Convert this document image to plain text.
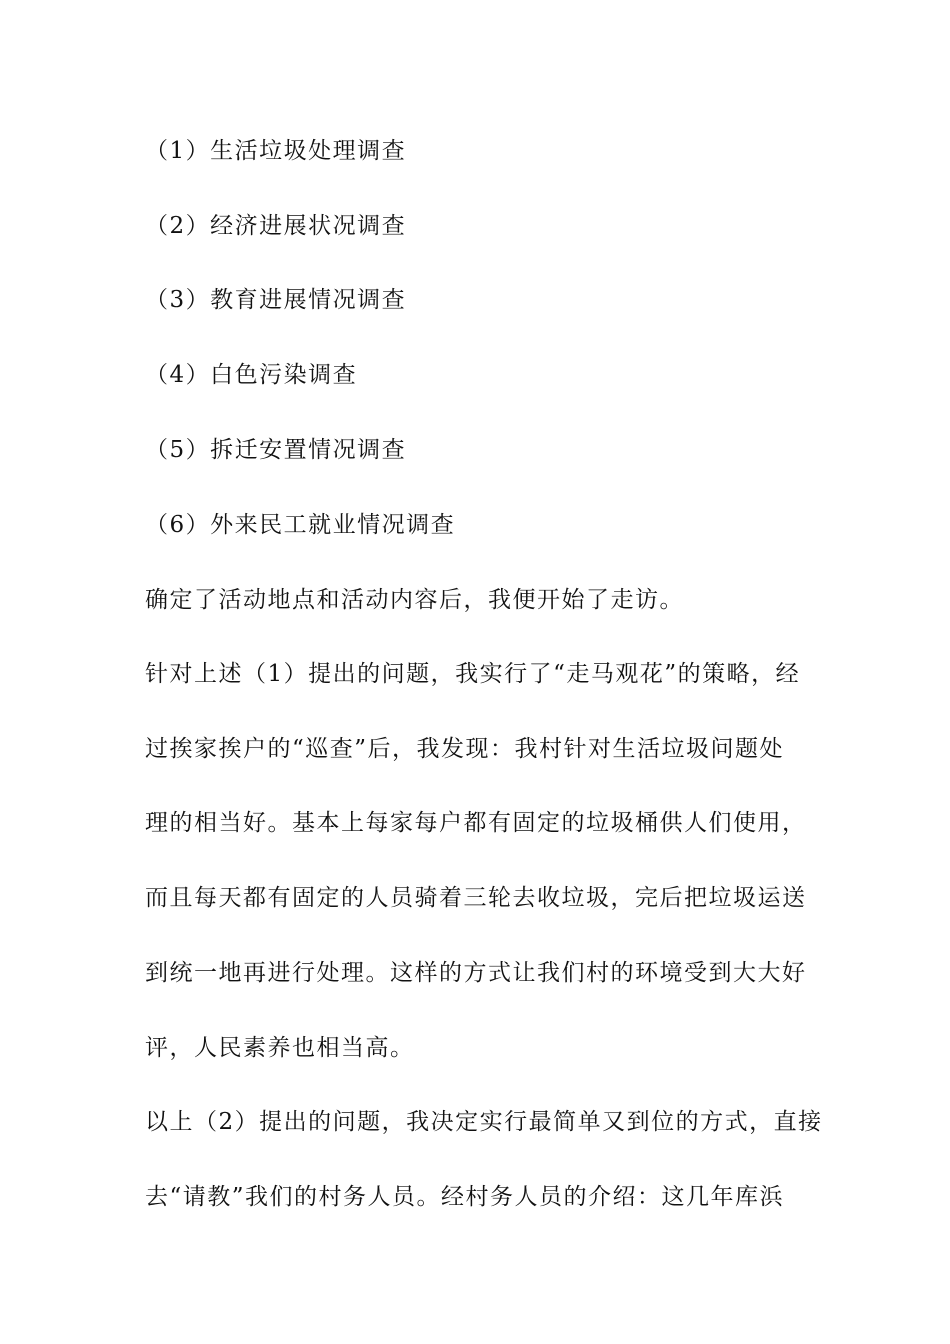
（1）生活垃圾处理调查
（2）经济进展状况调查
（3）教育进展情况调查
（4）白色污染调查
（5）拆迁安置情况调查
（6）外来民工就业情况调查
确定了活动地点和活动内容后，我便开始了走访。
针对上述（1）提出的问题，我实行了“走马观花”的策略，经
过挨家挨户的“巡查”后，我发现：我村针对生活垃圾问题处
理的相当好。基本上每家每户都有固定的垃圾桶供人们使用，
而且每天都有固定的人员骑着三轮去收垃圾，完后把垃圾运送
到统一地再进行处理。这样的方式让我们村的环境受到大大好
评，人民素养也相当高。
以上（2）提出的问题，我决定实行最简单又到位的方式，直接
去“请教”我们的村务人员。经村务人员的介绍：这几年库浜
